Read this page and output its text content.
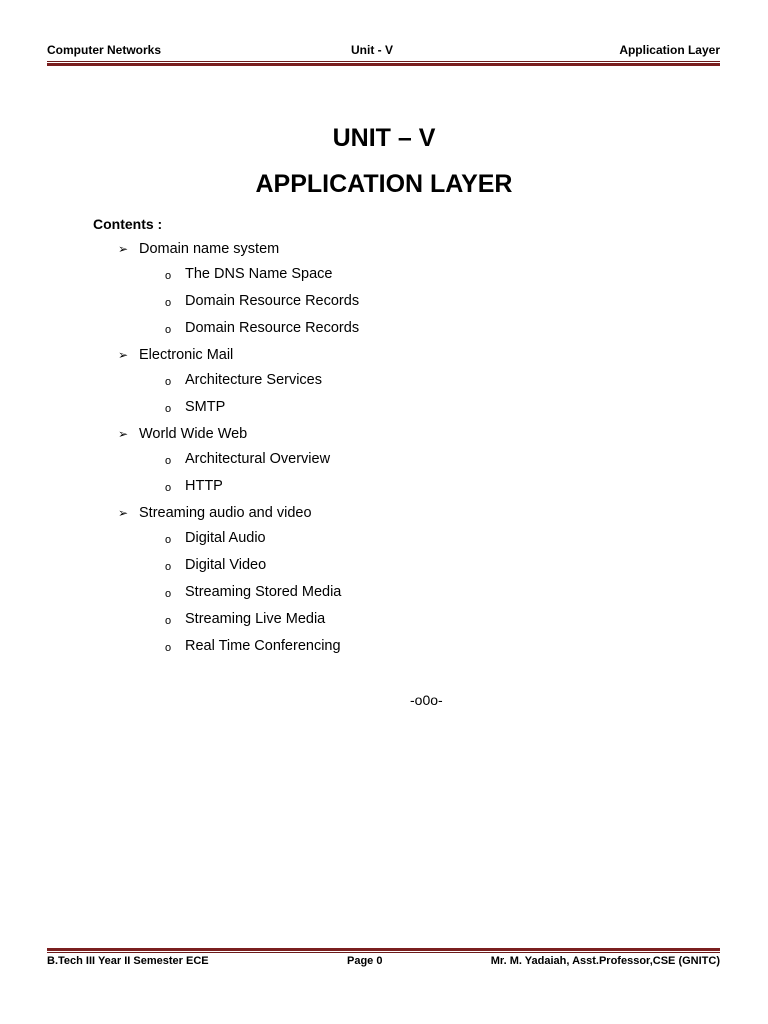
Computer Networks	Unit - V	Application Layer
UNIT – V
APPLICATION LAYER
Contents :
➢ Domain name system
o The DNS Name Space
o Domain Resource Records
o Domain Resource Records
➢ Electronic Mail
o Architecture Services
o SMTP
➢ World Wide Web
o Architectural Overview
o HTTP
➢ Streaming audio and video
o Digital Audio
o Digital Video
o Streaming Stored Media
o Streaming Live Media
o Real Time Conferencing
-o0o-
B.Tech III Year II Semester ECE	Page 0	Mr. M. Yadaiah, Asst.Professor,CSE (GNITC)
